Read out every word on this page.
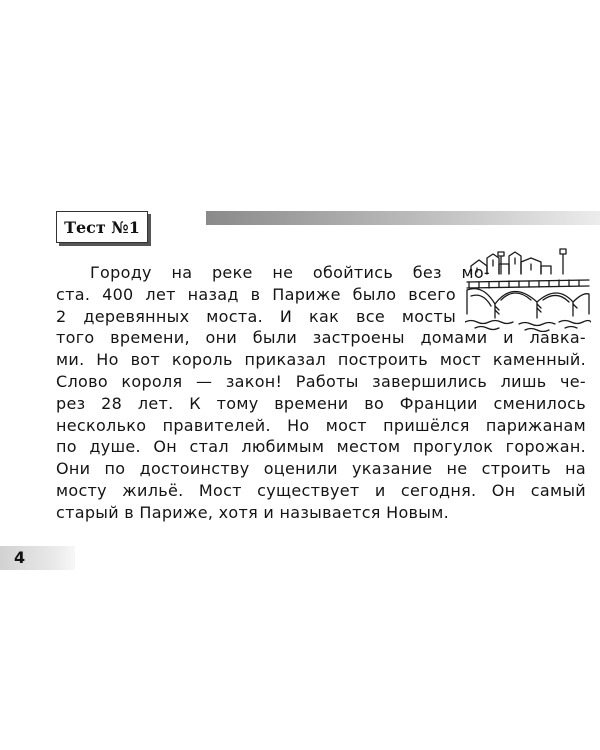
Тест №1
Городу на реке не обойтись без мо-
ста. 400 лет назад в Париже было всего
2 деревянных моста. И как все мосты
того времени, они были застроены домами и лавка-
ми. Но вот король приказал построить мост каменный.
Слово короля — закон! Работы завершились лишь че-
рез 28 лет. К тому времени во Франции сменилось
несколько правителей. Но мост пришёлся парижанам
по душе. Он стал любимым местом прогулок горожан.
Они по достоинству оценили указание не строить на
мосту жильё. Мост существует и сегодня. Он самый
старый в Париже, хотя и называется Новым.
4
